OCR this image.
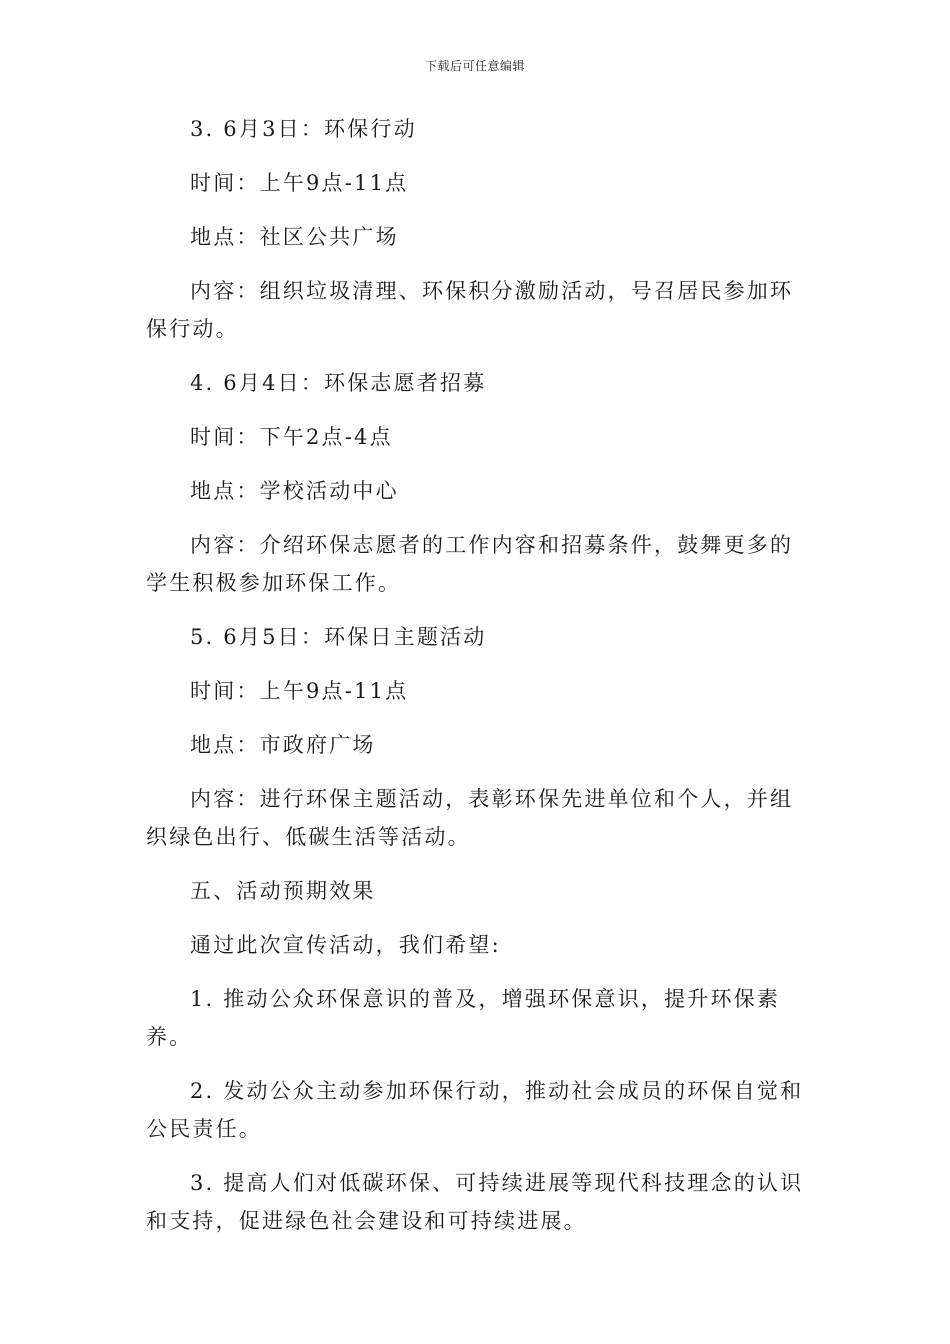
下载后可任意编辑

3. 6月3日：环保行动

时间：上午9点-11点

地点：社区公共广场

内容：组织垃圾清理、环保积分激励活动，号召居民参加环保行动。

4. 6月4日：环保志愿者招募

时间：下午2点-4点

地点：学校活动中心

内容：介绍环保志愿者的工作内容和招募条件，鼓舞更多的学生积极参加环保工作。

5. 6月5日：环保日主题活动

时间：上午9点-11点

地点：市政府广场

内容：进行环保主题活动，表彰环保先进单位和个人，并组织绿色出行、低碳生活等活动。

五、活动预期效果

通过此次宣传活动，我们希望:

1. 推动公众环保意识的普及，增强环保意识，提升环保素养。

2. 发动公众主动参加环保行动，推动社会成员的环保自觉和公民责任。

3. 提高人们对低碳环保、可持续进展等现代科技理念的认识和支持，促进绿色社会建设和可持续进展。
